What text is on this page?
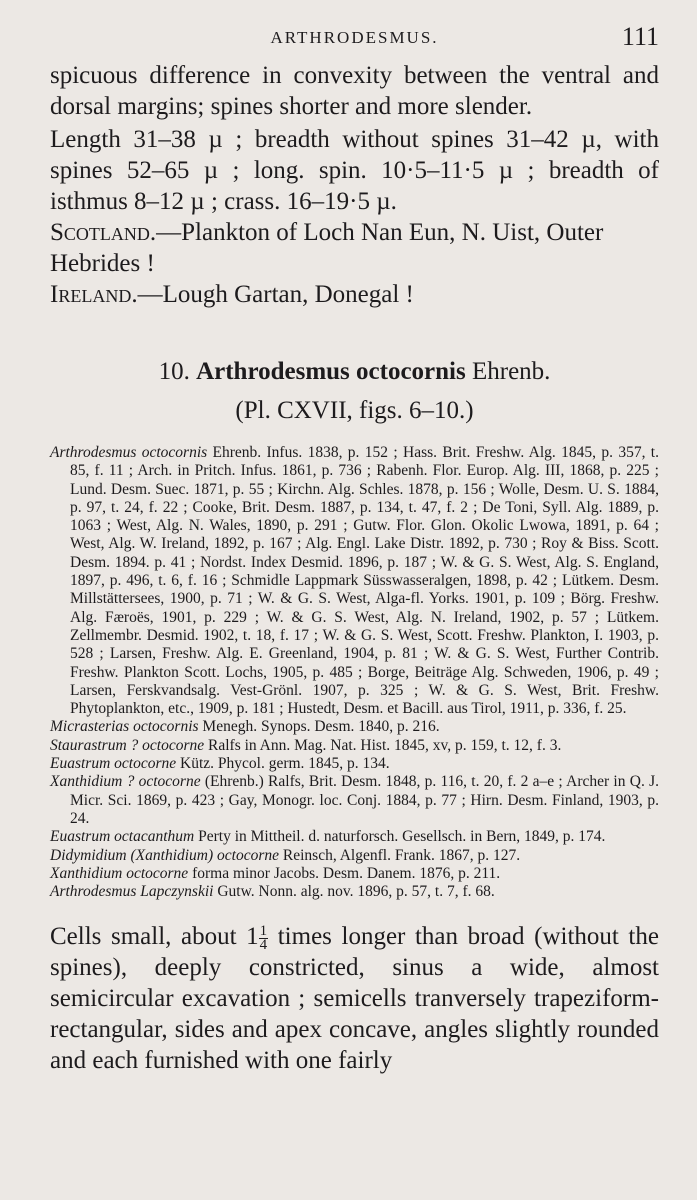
ARTHRODESMUS.	111

spicuous difference in convexity between the ventral and dorsal margins; spines shorter and more slender.

Length 31–38 µ ; breadth without spines 31–42 µ, with spines 52–65 µ ; long. spin. 10·5–11·5 µ ; breadth of isthmus 8–12 µ ; crass. 16–19·5 µ.

Scotland.—Plankton of Loch Nan Eun, N. Uist, Outer Hebrides !

Ireland.—Lough Gartan, Donegal !

10. Arthrodesmus octocornis Ehrenb.
(Pl. CXVII, figs. 6–10.)

Arthrodesmus octocornis Ehrenb. Infus. 1838, p. 152 ; Hass. Brit. Freshw. Alg. 1845, p. 357, t. 85, f. 11 ; Arch. in Pritch. Infus. 1861, p. 736 ; Rabenh. Flor. Europ. Alg. III, 1868, p. 225 ; Lund. Desm. Suec. 1871, p. 55 ; Kirchn. Alg. Schles. 1878, p. 156 ; Wolle, Desm. U. S. 1884, p. 97, t. 24, f. 22 ; Cooke, Brit. Desm. 1887, p. 134, t. 47, f. 2 ; De Toni, Syll. Alg. 1889, p. 1063 ; West, Alg. N. Wales, 1890, p. 291 ; Gutw. Flor. Glon. Okolic Lwowa, 1891, p. 64 ; West, Alg. W. Ireland, 1892, p. 167 ; Alg. Engl. Lake Distr. 1892, p. 730 ; Roy & Biss. Scott. Desm. 1894. p. 41 ; Nordst. Index Desmid. 1896, p. 187 ; W. & G. S. West, Alg. S. England, 1897, p. 496, t. 6, f. 16 ; Schmidle Lappmark Süsswasseralgen, 1898, p. 42 ; Lütkem. Desm. Millstättersees, 1900, p. 71 ; W. & G. S. West, Alga-fl. Yorks. 1901, p. 109 ; Börg. Freshw. Alg. Færoës, 1901, p. 229 ; W. & G. S. West, Alg. N. Ireland, 1902, p. 57 ; Lütkem. Zellmembr. Desmid. 1902, t. 18, f. 17 ; W. & G. S. West, Scott. Freshw. Plankton, I. 1903, p. 528 ; Larsen, Freshw. Alg. E. Greenland, 1904, p. 81 ; W. & G. S. West, Further Contrib. Freshw. Plankton Scott. Lochs, 1905, p. 485 ; Borge, Beiträge Alg. Schweden, 1906, p. 49 ; Larsen, Ferskvandsalg. Vest-Grönl. 1907, p. 325 ; W. & G. S. West, Brit. Freshw. Phytoplankton, etc., 1909, p. 181 ; Hustedt, Desm. et Bacill. aus Tirol, 1911, p. 336, f. 25.

Micrasterias octocornis Menegh. Synops. Desm. 1840, p. 216.

Staurastrum ? octocorne Ralfs in Ann. Mag. Nat. Hist. 1845, xv, p. 159, t. 12, f. 3.

Euastrum octocorne Kütz. Phycol. germ. 1845, p. 134.

Xanthidium ? octocorne (Ehrenb.) Ralfs, Brit. Desm. 1848, p. 116, t. 20, f. 2 a–e ; Archer in Q. J. Micr. Sci. 1869, p. 423 ; Gay, Monogr. loc. Conj. 1884, p. 77 ; Hirn. Desm. Finland, 1903, p. 24.

Euastrum octacanthum Perty in Mittheil. d. naturforsch. Gesellsch. in Bern, 1849, p. 174.

Didymidium (Xanthidium) octocorne Reinsch, Algenfl. Frank. 1867, p. 127.

Xanthidium octocorne forma minor Jacobs. Desm. Danem. 1876, p. 211.

Arthrodesmus Lapczynskii Gutw. Nonn. alg. nov. 1896, p. 57, t. 7, f. 68.

Cells small, about $1\frac{1}{4}$ times longer than broad (without the spines), deeply constricted, sinus a wide, almost semicircular excavation ; semicells tranversely trapeziform-rectangular, sides and apex concave, angles slightly rounded and each furnished with one fairly
